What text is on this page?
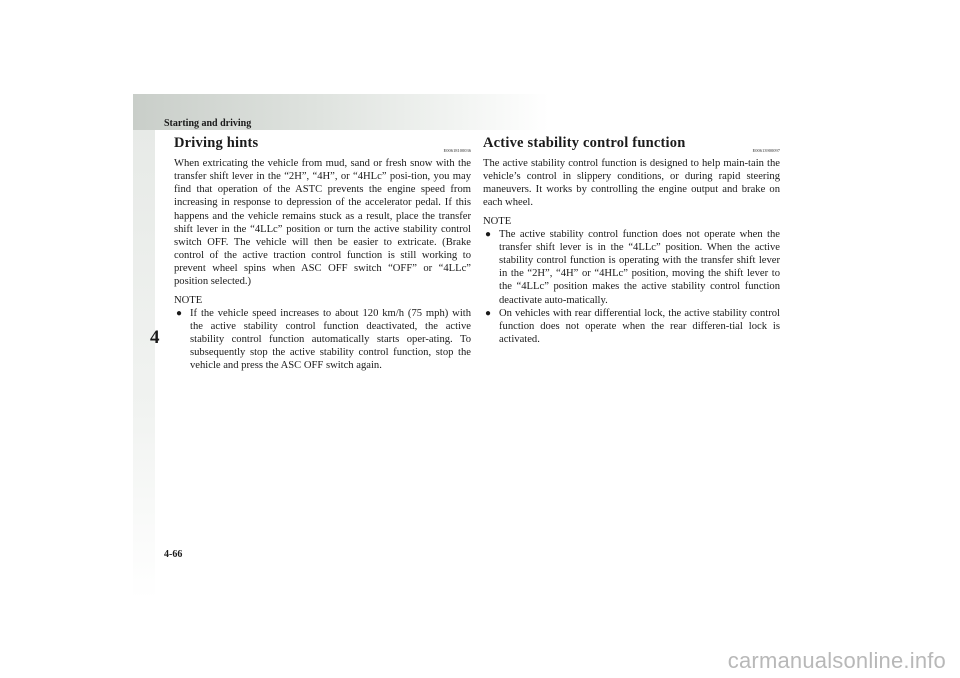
Starting and driving
4
Driving hints	E00618100036

When extricating the vehicle from mud, sand or fresh snow with the transfer shift lever in the “2H”, “4H”, or “4HLc” posi-tion, you may find that operation of the ASTC prevents the engine speed from increasing in response to depression of the accelerator pedal. If this happens and the vehicle remains stuck as a result, place the transfer shift lever in the “4LLc” position or turn the active stability control switch OFF. The vehicle will then be easier to extricate. (Brake control of the active traction control function is still working to prevent wheel spins when ASC OFF switch “OFF” or “4LLc” position selected.)

NOTE
● If the vehicle speed increases to about 120 km/h (75 mph) with the active stability control function deactivated, the active stability control function automatically starts oper-ating. To subsequently stop the active stability control function, stop the vehicle and press the ASC OFF switch again.
Active stability control function	E00613900097

The active stability control function is designed to help main-tain the vehicle’s control in slippery conditions, or during rapid steering maneuvers. It works by controlling the engine output and brake on each wheel.

NOTE
● The active stability control function does not operate when the transfer shift lever is in the “4LLc” position. When the active stability control function is operating with the transfer shift lever in the “2H”, “4H” or “4HLc” position, moving the shift lever to the “4LLc” position makes the active stability control function deactivate auto-matically.
● On vehicles with rear differential lock, the active stability control function does not operate when the rear differen-tial lock is activated.
4-66
carmanualsonline.info
